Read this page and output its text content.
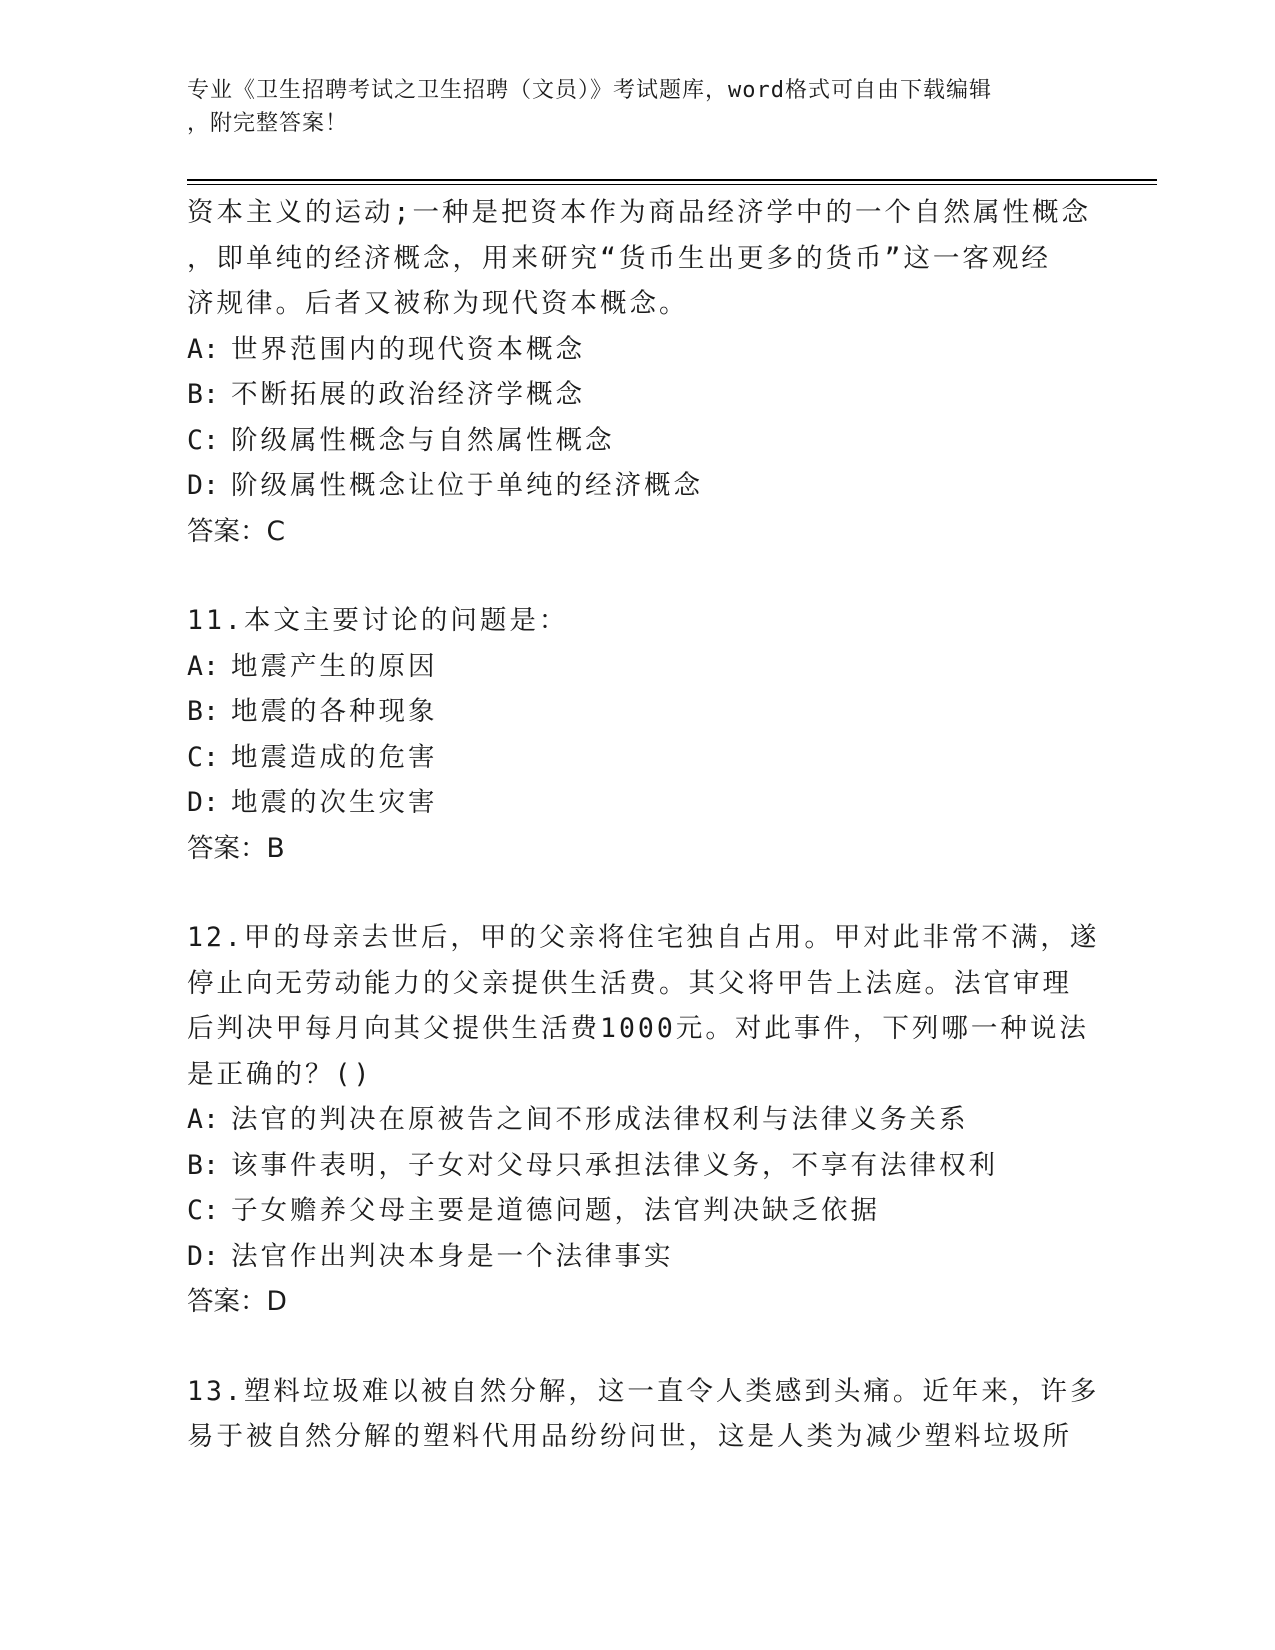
专业《卫生招聘考试之卫生招聘（文员）》考试题库，word格式可自由下载编辑
，附完整答案！
资本主义的运动;一种是把资本作为商品经济学中的一个自然属性概念
，即单纯的经济概念，用来研究“货币生出更多的货币”这一客观经
济规律。后者又被称为现代资本概念。
A: 世界范围内的现代资本概念
B: 不断拓展的政治经济学概念
C: 阶级属性概念与自然属性概念
D: 阶级属性概念让位于单纯的经济概念
答案：C
11.本文主要讨论的问题是：
A: 地震产生的原因
B: 地震的各种现象
C: 地震造成的危害
D: 地震的次生灾害
答案：B
12.甲的母亲去世后，甲的父亲将住宅独自占用。甲对此非常不满，遂
停止向无劳动能力的父亲提供生活费。其父将甲告上法庭。法官审理
后判决甲每月向其父提供生活费1000元。对此事件，下列哪一种说法
是正确的？()
A: 法官的判决在原被告之间不形成法律权利与法律义务关系
B: 该事件表明，子女对父母只承担法律义务，不享有法律权利
C: 子女赡养父母主要是道德问题，法官判决缺乏依据
D: 法官作出判决本身是一个法律事实
答案：D
13.塑料垃圾难以被自然分解，这一直令人类感到头痛。近年来，许多
易于被自然分解的塑料代用品纷纷问世，这是人类为减少塑料垃圾所
